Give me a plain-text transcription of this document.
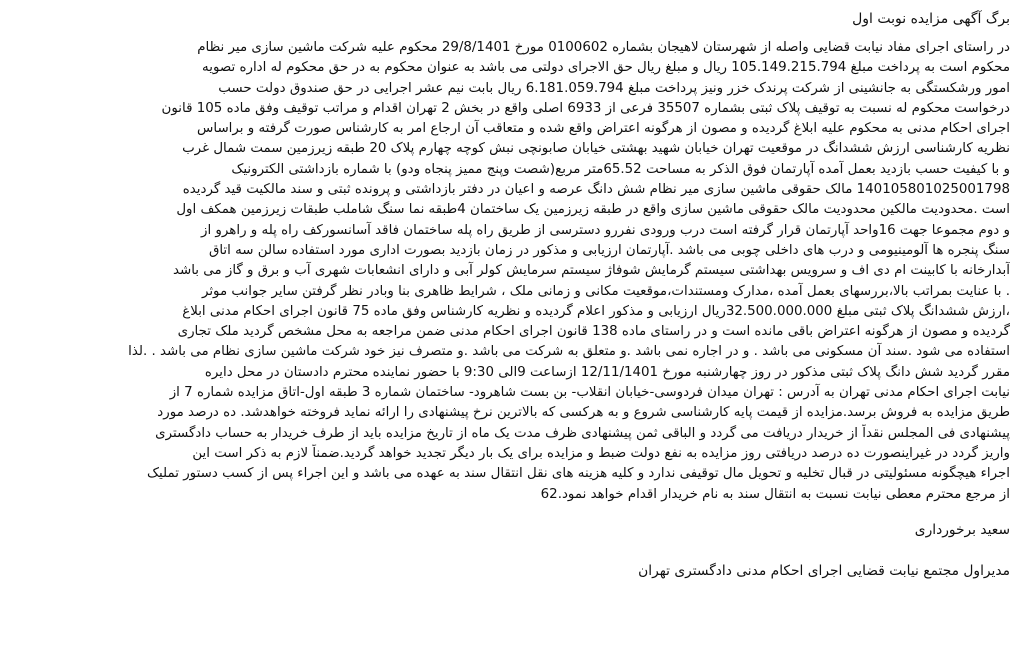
برگ آگهی مزایده نوبت اول
در راستای اجرای مفاد نیابت قضایی واصله از شهرستان لاهیجان بشماره 0100602 مورخ 29/8/1401 محکوم علیه شرکت ماشین سازی میر نظام
محکوم است به پرداخت مبلغ 105.149.215.794 ریال و مبلغ ریال حق الاجرای دولتی می باشد به عنوان محکوم به در حق محکوم له اداره تصویه
امور ورشکستگی به جانشینی از شرکت پرندک خزر ونیز پرداخت مبلغ 6.181.059.794 ریال بابت نیم عشر اجرایی در حق صندوق دولت حسب
درخواست محکوم له نسبت به توقیف پلاک ثبتی بشماره 35507 فرعی از 6933 اصلی واقع در بخش 2 تهران اقدام و مراتب توقیف وفق ماده 105 قانون
اجرای احکام مدنی به محکوم علیه ابلاغ گردیده و مصون از هرگونه اعتراض واقع شده و متعاقب آن ارجاع امر به کارشناس صورت گرفته و براساس
نظریه کارشناسی ارزش ششدانگ در موقعیت تهران خیابان شهید بهشتی خیابان صابونچی نبش کوچه چهارم پلاک 20 طبقه زیرزمین سمت شمال غرب
و با کیفیت حسب بازدید بعمل آمده آپارتمان فوق الذکر به مساحت 65.52متر مربع(شصت وپنج ممیز پنجاه ودو) با شماره بازداشتی الکترونیک
140105801025001798 مالک حقوقی ماشین سازی میر نظام شش دانگ عرصه و اعیان در دفتر بازداشتی و پرونده ثبتی و سند مالکیت قید گردیده
است .محدودیت مالکین محدودیت مالک حقوقی ماشین سازی واقع در طبقه زیرزمین یک ساختمان 4طبقه نما سنگ شاملب طبقات زیرزمین همکف اول
و دوم مجموعا جهت 16واحد آپارتمان قرار گرفته است درب ورودی نفررو دسترسی از طریق راه پله ساختمان فاقد آسانسورکف راه پله و راهرو از
سنگ پنجره ها آلومینیومی و درب های داخلی چوبی می باشد .آپارتمان ارزیابی و مذکور در زمان بازدید بصورت اداری مورد استفاده سالن سه اتاق
آبدارخانه با کابینت ام دی اف و سرویس بهداشتی سیستم گرمایش شوفاژ سیستم سرمایش کولر آبی و دارای انشعابات شهری آب و برق و گاز می باشد
. با عنایت بمراتب بالا،بررسهای بعمل آمده ،مدارک ومستندات،موقعیت مکانی و زمانی ملک ، شرایط ظاهری بنا وبادر نظر گرفتن سایر جوانب موثر
،ارزش ششدانگ پلاک ثبتی مبلغ 32.500.000.000ریال ارزیابی و مذکور اعلام گردیده و نظریه کارشناس وفق ماده 75 قانون اجرای احکام مدنی ابلاغ
گردیده و مصون از هرگونه اعتراض باقی مانده است و در راستای ماده 138 قانون اجرای احکام مدنی ضمن مراجعه به محل مشخص گردید ملک تجاری
استفاده می شود .سند آن مسکونی می باشد . و در اجاره نمی باشد .و متعلق به شرکت می باشد .و متصرف نیز خود شرکت ماشین سازی نظام می باشد . .لذا
مقرر گردید شش دانگ پلاک ثبتی مذکور در روز چهارشنبه مورخ 12/11/1401 ازساعت 9الی 9:30 با حضور نماینده محترم دادستان در محل دایره
نیابت اجرای احکام مدنی تهران به آدرس : تهران میدان فردوسی-خیابان انقلاب- بن بست شاهرود- ساختمان شماره 3 طبقه اول-اتاق مزایده شماره 7 از
طریق مزایده به فروش برسد.مزایده از قیمت پایه کارشناسی شروع و به هرکسی که بالاترین نرخ پیشنهادی را ارائه نماید فروخته خواهدشد. ده درصد مورد
پیشنهادی فی المجلس نقداً از خریدار دریافت می گردد و الباقی ثمن پیشنهادی ظرف مدت یک ماه از تاریخ مزایده باید از طرف خریدار به حساب دادگستری
واریز گردد در غیراینصورت ده درصد دریافتی روز مزایده به نفع دولت ضبط و مزایده برای یک بار دیگر تجدید خواهد گردید.ضمناً لازم به ذکر است این
اجراء هیچگونه مسئولیتی در قبال تخلیه و تحویل مال توقیفی ندارد و کلیه هزینه های نقل انتقال سند به عهده می باشد و این اجراء پس از کسب دستور تملیک
از مرجع محترم معطی نیابت نسبت به انتقال سند به نام خریدار اقدام خواهد نمود.62
سعید برخورداری
مدیراول مجتمع نیابت قضایی اجرای احکام مدنی دادگستری تهران
